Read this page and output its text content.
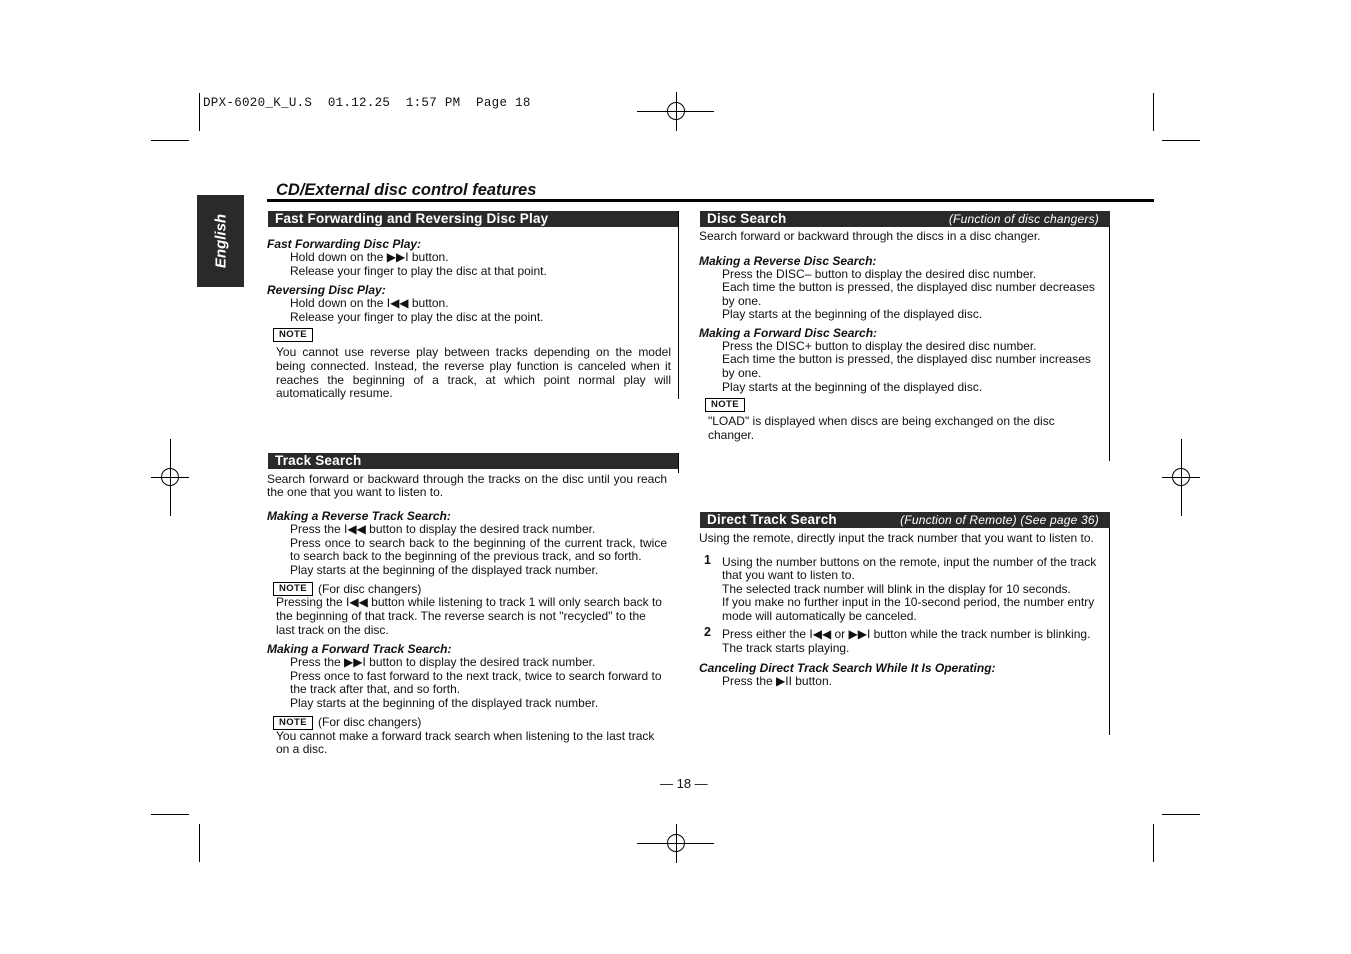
DPX-6020_K_U.S  01.12.25  1:57 PM  Page 18
English
CD/External disc control features
Fast Forwarding and Reversing Disc Play
Fast Forwarding Disc Play:
Hold down on the ▶▶I button.
Release your finger to play the disc at that point.
Reversing Disc Play:
Hold down on the I◀◀ button.
Release your finger to play the disc at the point.
NOTE
You cannot use reverse play between tracks depending on the model being connected. Instead, the reverse play function is canceled when it reaches the beginning of a track, at which point normal play will automatically resume.
Track Search
Search forward or backward through the tracks on the disc until you reach the one that you want to listen to.
Making a Reverse Track Search:
Press the I◀◀ button to display the desired track number.
Press once to search back to the beginning of the current track, twice to search back to the beginning of the previous track, and so forth.
Play starts at the beginning of the displayed track number.
NOTE (For disc changers)
Pressing the I◀◀ button while listening to track 1 will only search back to the beginning of that track. The reverse search is not "recycled" to the last track on the disc.
Making a Forward Track Search:
Press the ▶▶I button to display the desired track number.
Press once to fast forward to the next track, twice to search forward to the track after that, and so forth.
Play starts at the beginning of the displayed track number.
NOTE (For disc changers)
You cannot make a forward track search when listening to the last track on a disc.
Disc Search	(Function of disc changers)
Search forward or backward through the discs in a disc changer.
Making a Reverse Disc Search:
Press the DISC– button to display the desired disc number.
Each time the button is pressed, the displayed disc number decreases by one.
Play starts at the beginning of the displayed disc.
Making a Forward Disc Search:
Press the DISC+ button to display the desired disc number.
Each time the button is pressed, the displayed disc number increases by one.
Play starts at the beginning of the displayed disc.
NOTE
"LOAD" is displayed when discs are being exchanged on the disc changer.
Direct Track Search	(Function of Remote) (See page 36)
Using the remote, directly input the track number that you want to listen to.
1 Using the number buttons on the remote, input the number of the track that you want to listen to.
The selected track number will blink in the display for 10 seconds.
If you make no further input in the 10-second period, the number entry mode will automatically be canceled.
2 Press either the I◀◀ or ▶▶I button while the track number is blinking.
The track starts playing.
Canceling Direct Track Search While It Is Operating:
Press the ▶II button.
— 18 —
